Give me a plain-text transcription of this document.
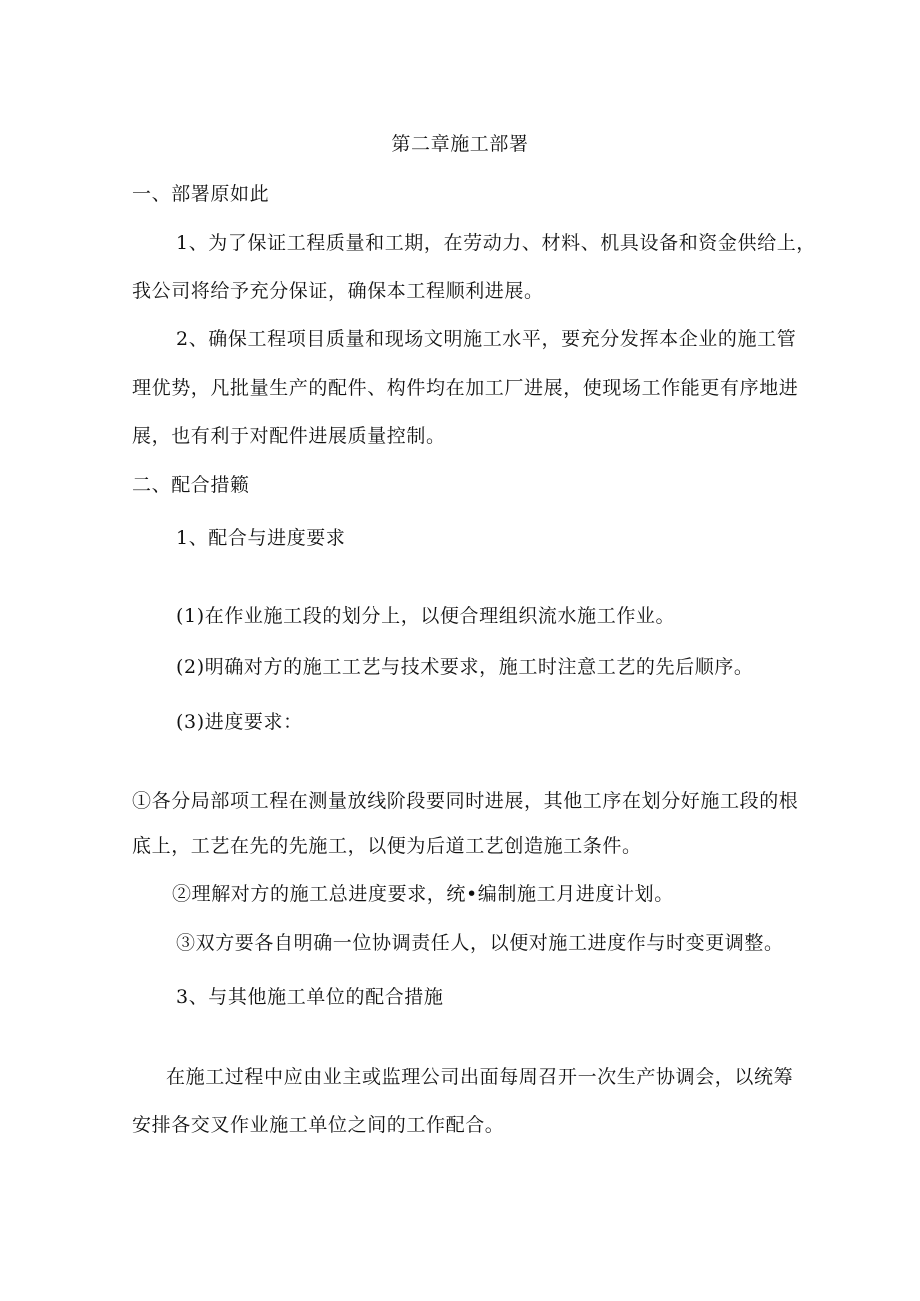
第二章施工部署
一、部署原如此
1、为了保证工程质量和工期，在劳动力、材料、机具设备和资金供给上，
我公司将给予充分保证，确保本工程顺利进展。
2、确保工程项目质量和现场文明施工水平，要充分发挥本企业的施工管
理优势，凡批量生产的配件、构件均在加工厂进展，使现场工作能更有序地进
展，也有利于对配件进展质量控制。
二、配合措籁
1、配合与进度要求
(1)在作业施工段的划分上，以便合理组织流水施工作业。
(2)明确对方的施工工艺与技术要求，施工时注意工艺的先后顺序。
(3)进度要求：
①各分局部项工程在测量放线阶段要同时进展，其他工序在划分好施工段的根
底上，工艺在先的先施工，以便为后道工艺创造施工条件。
②理解对方的施工总进度要求，统•编制施工月进度计划。
③双方要各自明确一位协调责任人，以便对施工进度作与时变更调整。
3、与其他施工单位的配合措施
在施工过程中应由业主或监理公司出面每周召开一次生产协调会，以统筹
安排各交叉作业施工单位之间的工作配合。
